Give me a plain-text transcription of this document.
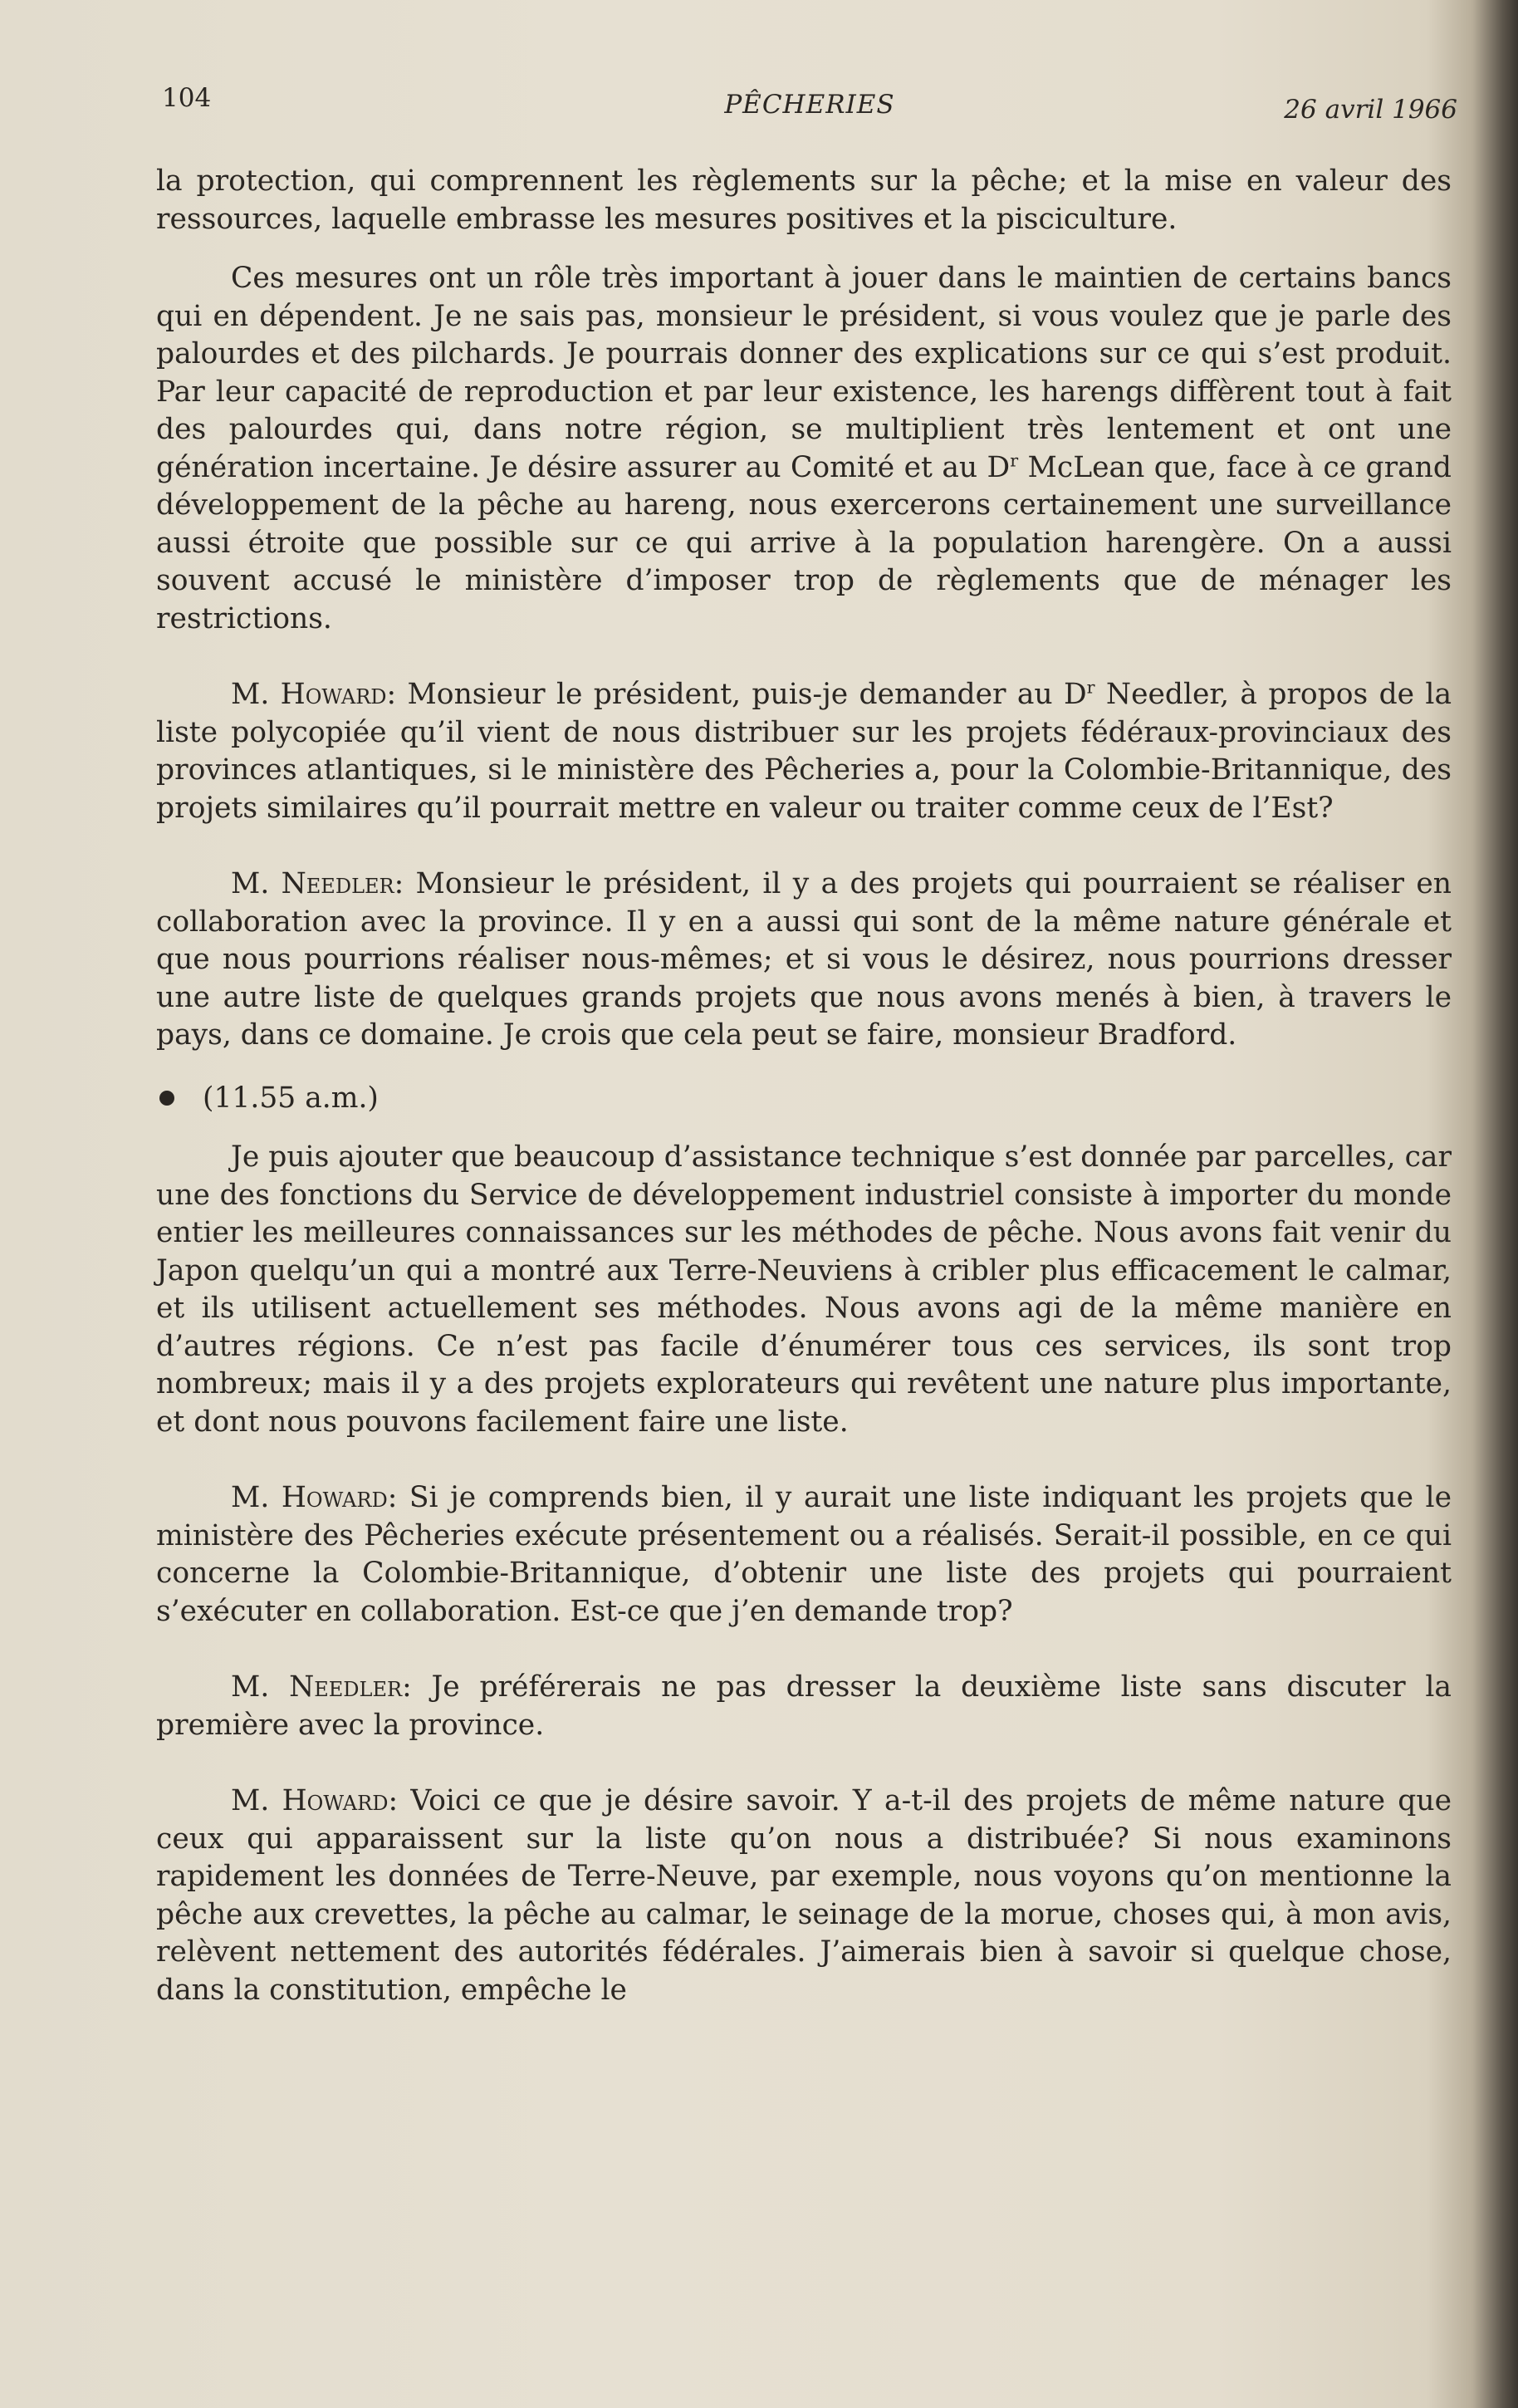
104	PÊCHERIES	26 avril 1966

la protection, qui comprennent les règlements sur la pêche; et la mise en valeur des ressources, laquelle embrasse les mesures positives et la pisciculture.

Ces mesures ont un rôle très important à jouer dans le maintien de certains bancs qui en dépendent. Je ne sais pas, monsieur le président, si vous voulez que je parle des palourdes et des pilchards. Je pourrais donner des explications sur ce qui s’est produit. Par leur capacité de reproduction et par leur existence, les harengs diffèrent tout à fait des palourdes qui, dans notre région, se multiplient très lentement et ont une génération incertaine. Je désire assurer au Comité et au $D^r$ McLean que, face à ce grand développement de la pêche au hareng, nous exercerons certainement une surveillance aussi étroite que possible sur ce qui arrive à la population harengère. On a aussi souvent accusé le ministère d’imposer trop de règlements que de ménager les restrictions.

M. Howard: Monsieur le président, puis-je demander au $D^r$ Needler, à propos de la liste polycopiée qu’il vient de nous distribuer sur les projets fédéraux-provinciaux des provinces atlantiques, si le ministère des Pêcheries a, pour la Colombie-Britannique, des projets similaires qu’il pourrait mettre en valeur ou traiter comme ceux de l’Est?

M. Needler: Monsieur le président, il y a des projets qui pourraient se réaliser en collaboration avec la province. Il y en a aussi qui sont de la même nature générale et que nous pourrions réaliser nous-mêmes; et si vous le désirez, nous pourrions dresser une autre liste de quelques grands projets que nous avons menés à bien, à travers le pays, dans ce domaine. Je crois que cela peut se faire, monsieur Bradford.

(11.55 a.m.)

Je puis ajouter que beaucoup d’assistance technique s’est donnée par parcelles, car une des fonctions du Service de développement industriel consiste à importer du monde entier les meilleures connaissances sur les méthodes de pêche. Nous avons fait venir du Japon quelqu’un qui a montré aux Terre-Neuviens à cribler plus efficacement le calmar, et ils utilisent actuellement ses méthodes. Nous avons agi de la même manière en d’autres régions. Ce n’est pas facile d’énumérer tous ces services, ils sont trop nombreux; mais il y a des projets explorateurs qui revêtent une nature plus importante, et dont nous pouvons facilement faire une liste.

M. Howard: Si je comprends bien, il y aurait une liste indiquant les projets que le ministère des Pêcheries exécute présentement ou a réalisés. Serait-il possible, en ce qui concerne la Colombie-Britannique, d’obtenir une liste des projets qui pourraient s’exécuter en collaboration. Est-ce que j’en demande trop?

M. Needler: Je préférerais ne pas dresser la deuxième liste sans discuter la première avec la province.

M. Howard: Voici ce que je désire savoir. Y a-t-il des projets de même nature que ceux qui apparaissent sur la liste qu’on nous a distribuée? Si nous examinons rapidement les données de Terre-Neuve, par exemple, nous voyons qu’on mentionne la pêche aux crevettes, la pêche au calmar, le seinage de la morue, choses qui, à mon avis, relèvent nettement des autorités fédérales. J’aimerais bien à savoir si quelque chose, dans la constitution, empêche le
